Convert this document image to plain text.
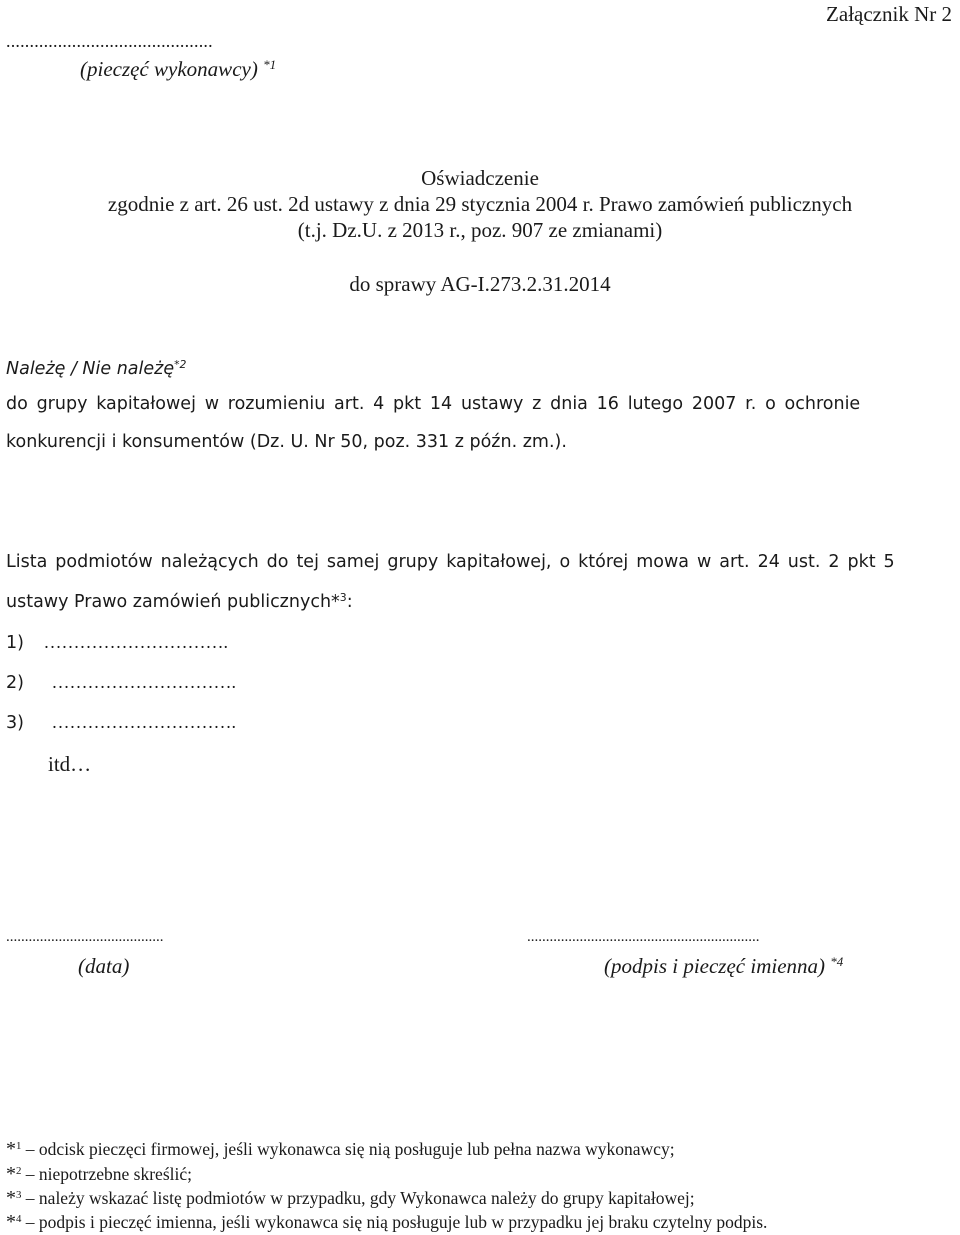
Załącznik Nr 2
............................................
(pieczęć wykonawcy) $^{*1}$
Oświadczenie
zgodnie z art. 26 ust. 2d ustawy z dnia 29 stycznia 2004 r. Prawo zamówień publicznych
(t.j. Dz.U. z 2013 r., poz. 907 ze zmianami)
do sprawy AG-I.273.2.31.2014
Należę / Nie należę$^{*2}$
do grupy kapitałowej w rozumieniu art. 4 pkt 14 ustawy z dnia 16 lutego 2007 r. o ochronie
konkurencji i konsumentów (Dz. U. Nr 50, poz. 331 z późn. zm.).
Lista podmiotów należących do tej samej grupy kapitałowej, o której mowa w art. 24 ust. 2 pkt 5
ustawy Prawo zamówień publicznych*$^3$:
1) ………………………….
2) ………………………….
3) ………………………….
itd…
..........................................
(data)
..............................................................
(podpis i pieczęć imienna) $^{*4}$
*$^1$ – odcisk pieczęci firmowej, jeśli wykonawca się nią posługuje lub pełna nazwa wykonawcy;
*$^2$ – niepotrzebne skreślić;
*$^3$ – należy wskazać listę podmiotów w przypadku, gdy Wykonawca należy do grupy kapitałowej;
*$^4$ – podpis i pieczęć imienna, jeśli wykonawca się nią posługuje lub w przypadku jej braku czytelny podpis.
